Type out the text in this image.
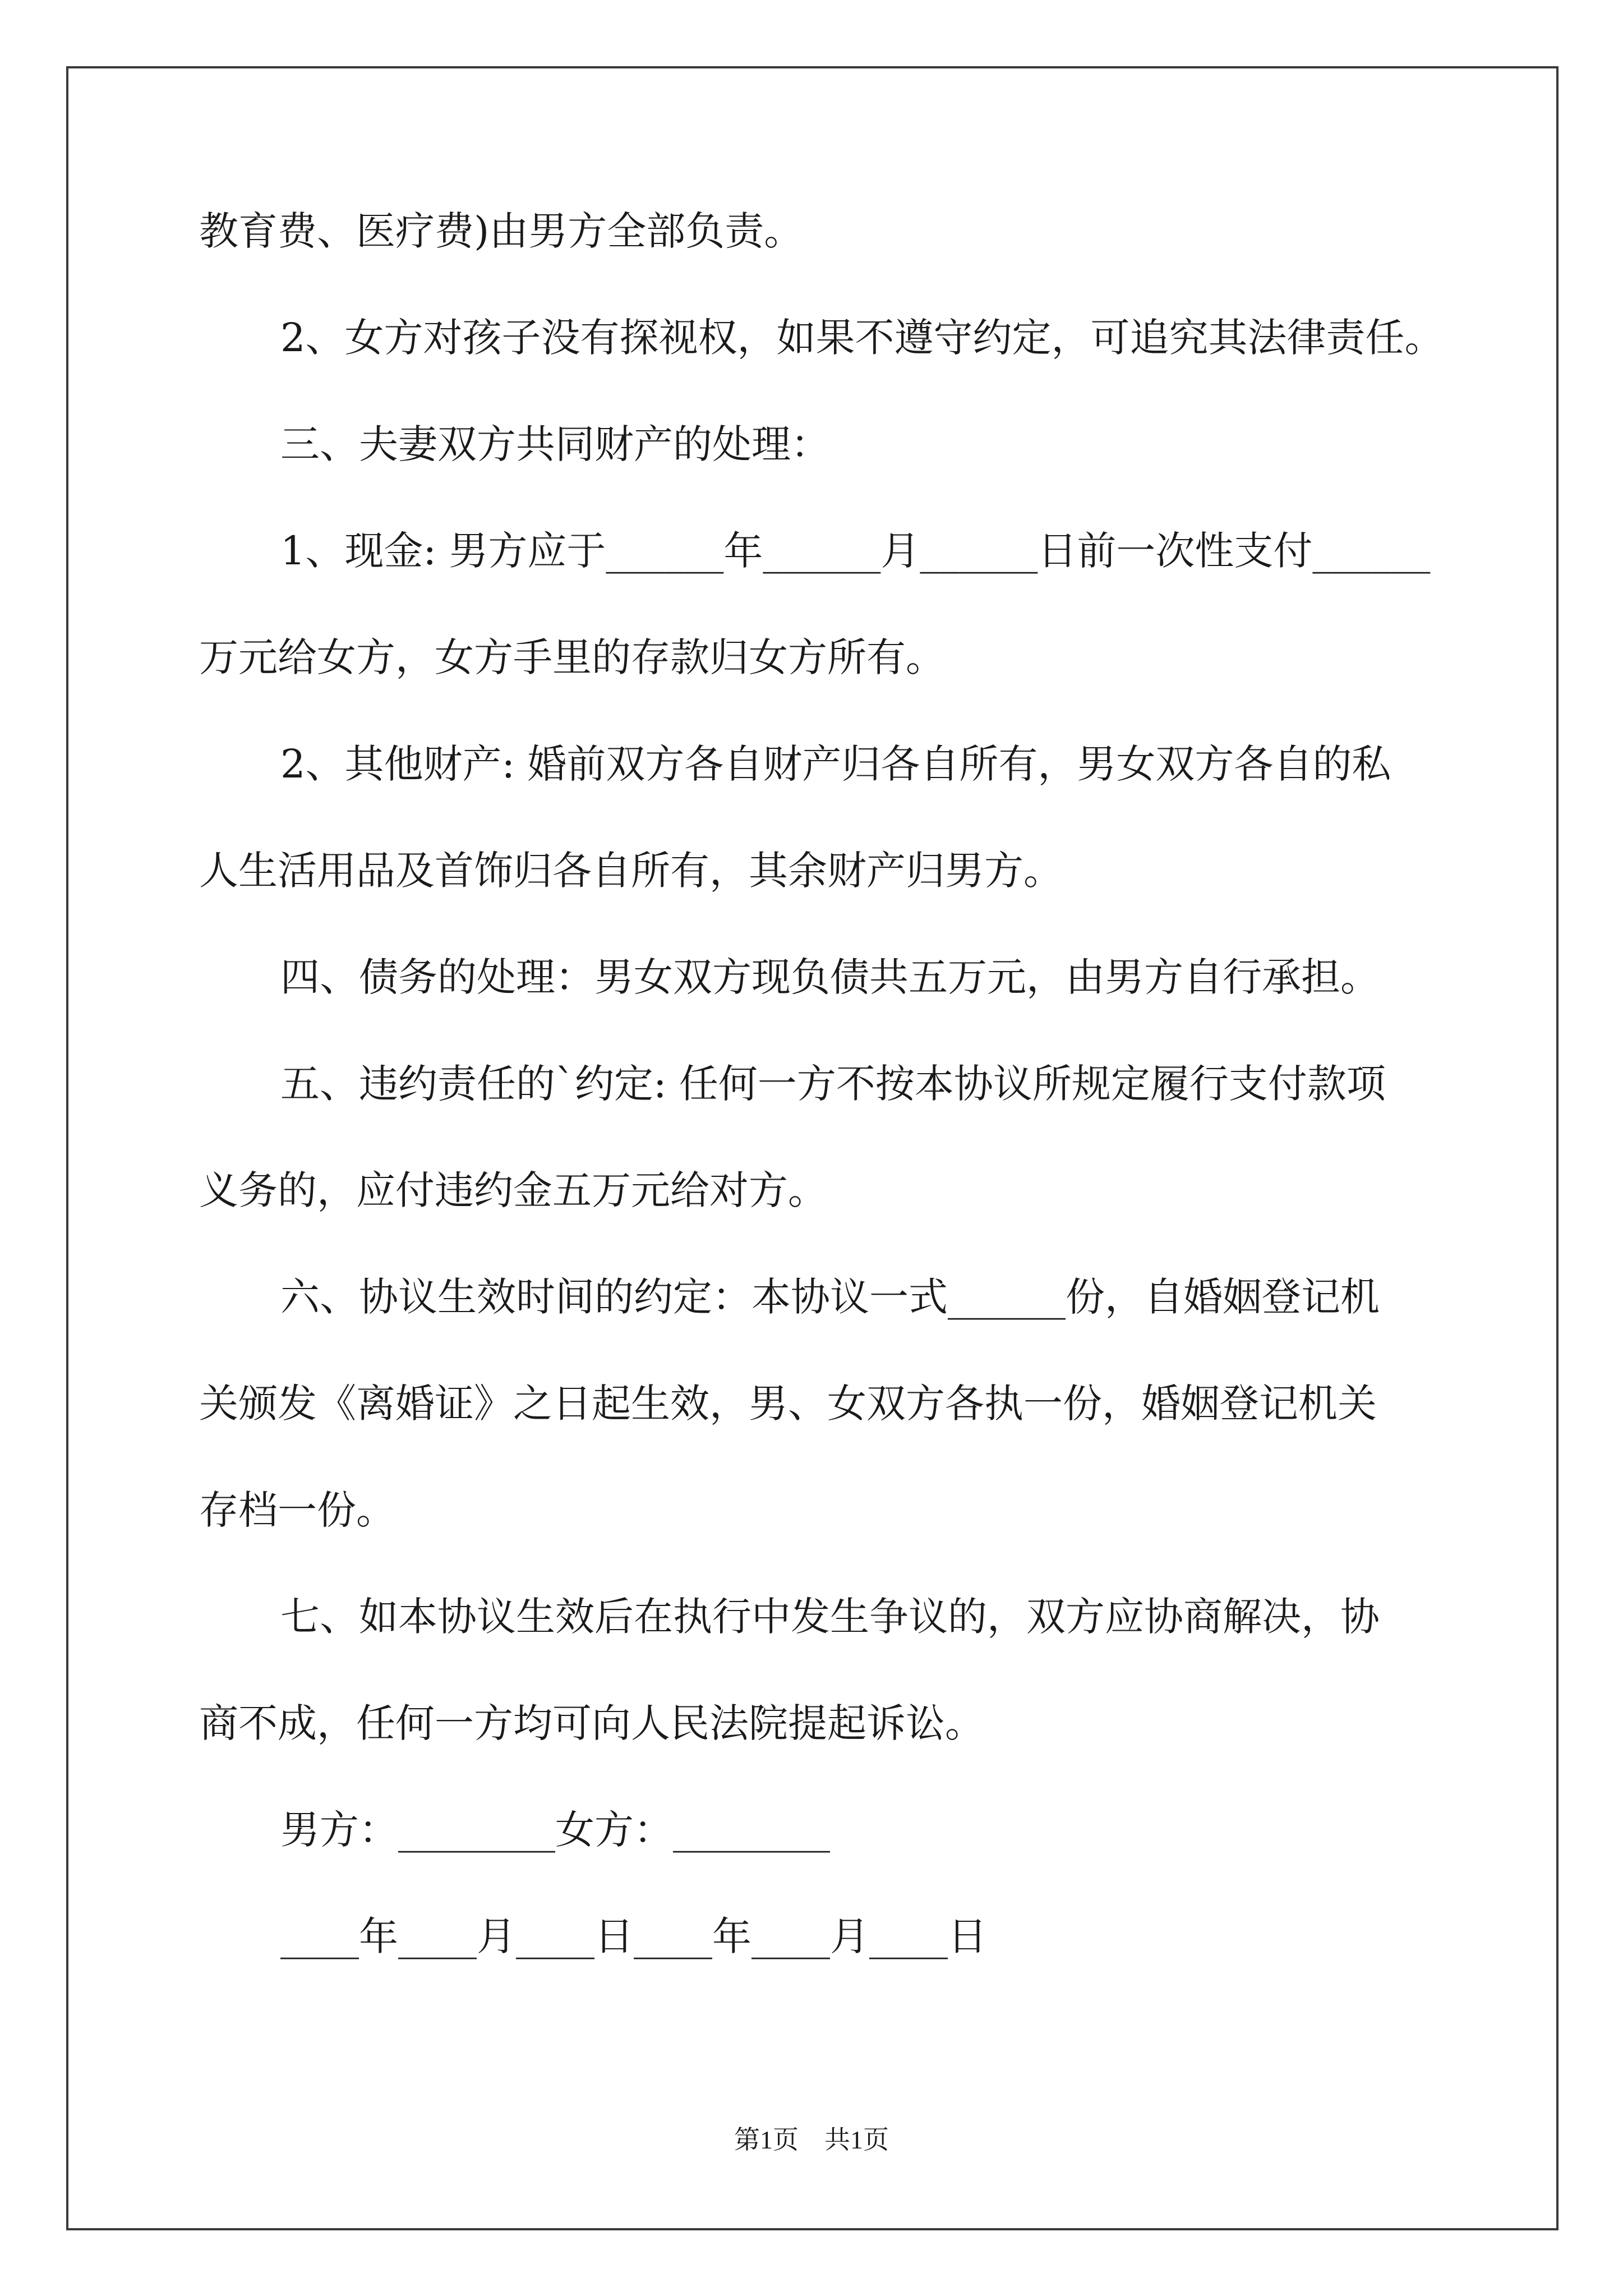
教育费、医疗费)由男方全部负责。
2、女方对孩子没有探视权，如果不遵守约定，可追究其法律责任。
三、夫妻双方共同财产的处理：
1、现金: 男方应于______年______月______日前一次性支付______
万元给女方，女方手里的存款归女方所有。
2、其他财产: 婚前双方各自财产归各自所有，男女双方各自的私
人生活用品及首饰归各自所有，其余财产归男方。
四、债务的处理：男女双方现负债共五万元，由男方自行承担。
五、违约责任的`约定: 任何一方不按本协议所规定履行支付款项
义务的，应付违约金五万元给对方。
六、协议生效时间的约定：本协议一式______份，自婚姻登记机
关颁发《离婚证》之日起生效，男、女双方各执一份，婚姻登记机关
存档一份。
七、如本协议生效后在执行中发生争议的，双方应协商解决，协
商不成，任何一方均可向人民法院提起诉讼。
男方：________女方：________
____年____月____日____年____月____日
第1页　共1页
